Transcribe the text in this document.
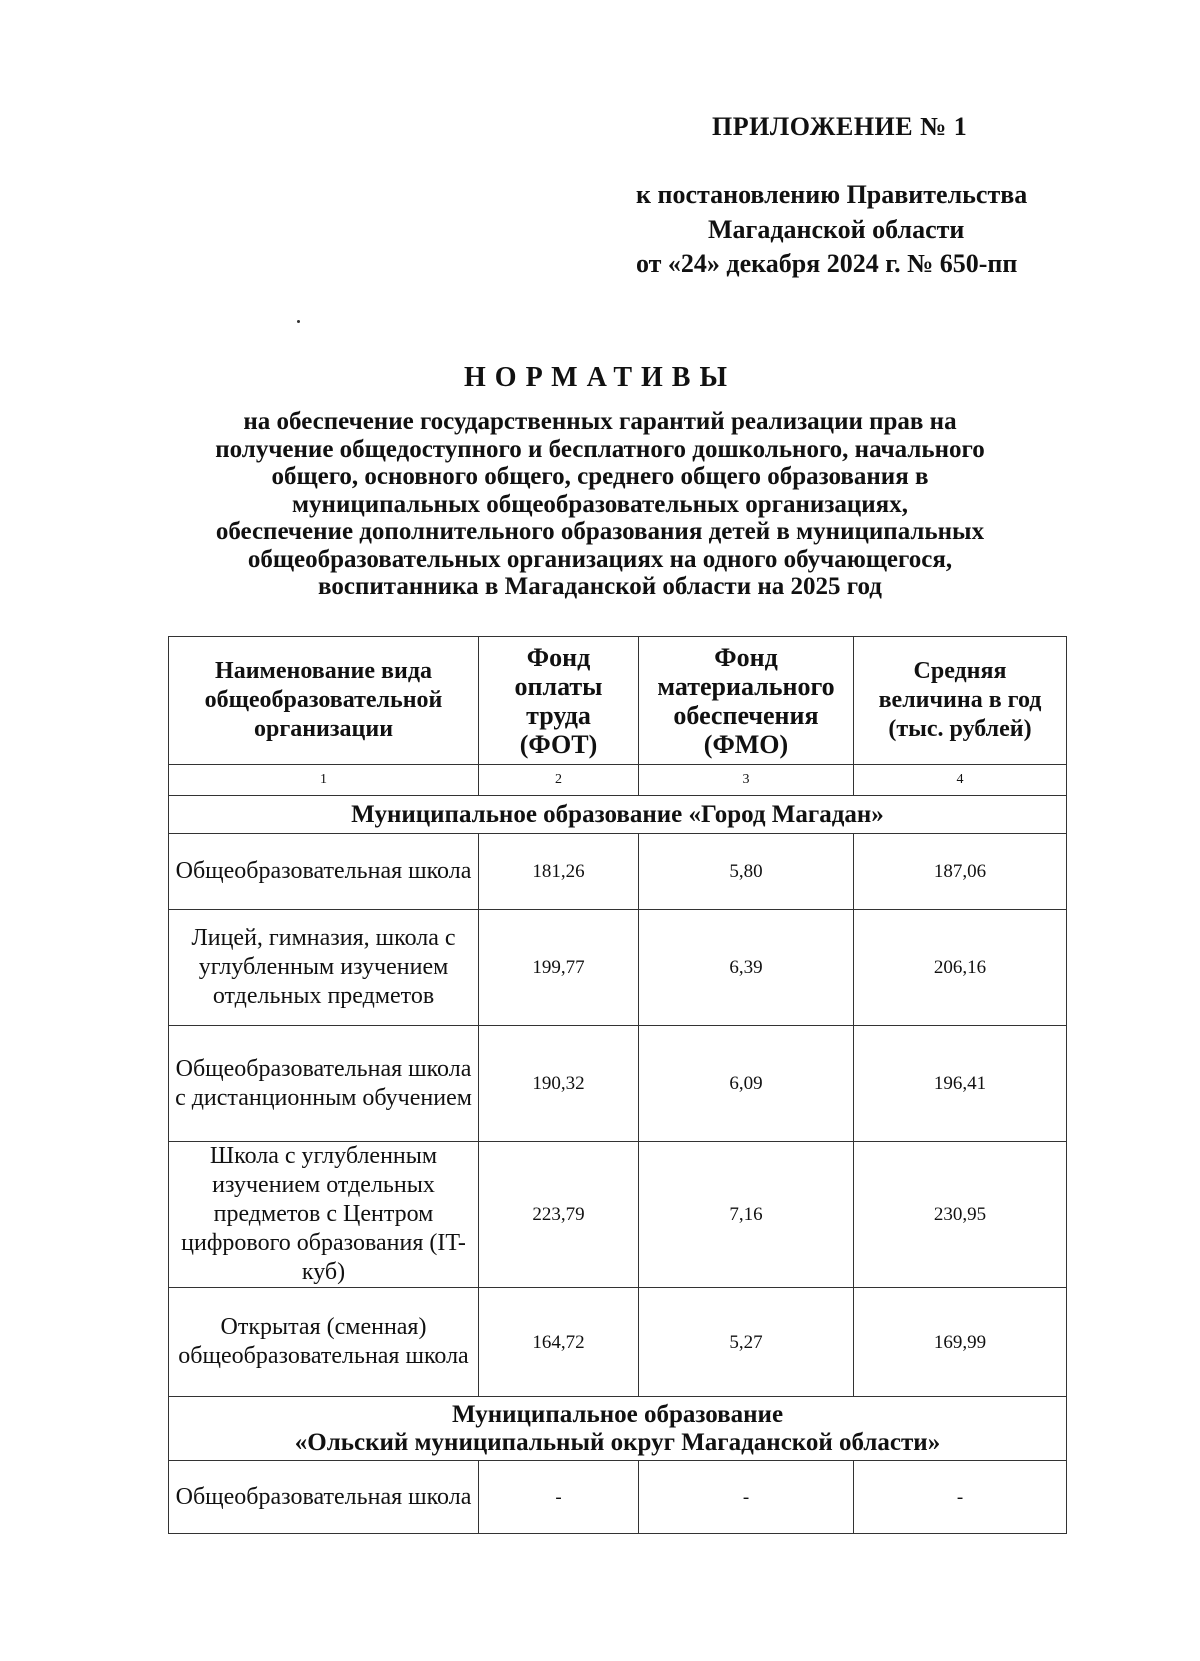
ПРИЛОЖЕНИЕ № 1
к постановлению Правительства
Магаданской области
от «24» декабря 2024 г. № 650-пп
НОРМАТИВЫ
на обеспечение государственных гарантий реализации прав на
получение общедоступного и бесплатного дошкольного, начального
общего, основного общего, среднего общего образования в
муниципальных общеобразовательных организациях,
обеспечение дополнительного образования детей в муниципальных
общеобразовательных организациях на одного обучающегося,
воспитанника в Магаданской области на 2025 год
Наименование вида общеобразовательной организации	Фонд оплаты труда (ФОТ)	Фонд материального обеспечения (ФМО)	Средняя величина в год (тыс. рублей)
1	2	3	4
Муниципальное образование «Город Магадан»			
Общеобразовательная школа	181,26	5,80	187,06
Лицей, гимназия, школа с углубленным изучением отдельных предметов	199,77	6,39	206,16
Общеобразовательная школа с дистанционным обучением	190,32	6,09	196,41
Школа с углубленным изучением отдельных предметов с Центром цифрового образования (IT-куб)	223,79	7,16	230,95
Открытая (сменная) общеобразовательная школа	164,72	5,27	169,99

Муниципальное образование
«Ольский муниципальный округ Магаданской области»			

Общеобразовательная школа	-	-	-
